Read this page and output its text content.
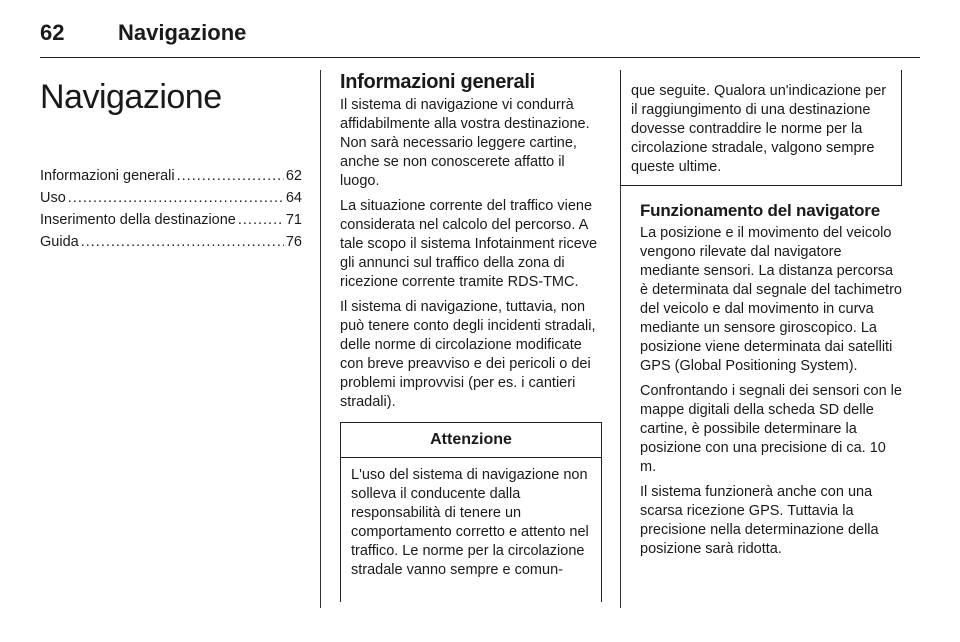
62 Navigazione
Navigazione
Informazioni generali .....	62
Uso .....	64
Inserimento della destinazione .....	71
Guida .....	76
Informazioni generali

Il sistema di navigazione vi condurrà affidabilmente alla vostra destinazione. Non sarà necessario leggere cartine, anche se non conoscerete affatto il luogo.

La situazione corrente del traffico viene considerata nel calcolo del percorso. A tale scopo il sistema Infotainment riceve gli annunci sul traffico della zona di ricezione corrente tramite RDS-TMC.

Il sistema di navigazione, tuttavia, non può tenere conto degli incidenti stradali, delle norme di circolazione modificate con breve preavviso e dei pericoli o dei problemi improvvisi (per es. i cantieri stradali).

Attenzione

L'uso del sistema di navigazione non solleva il conducente dalla responsabilità di tenere un comportamento corretto e attento nel traffico. Le norme per la circolazione stradale vanno sempre e comun-

que seguite. Qualora un'indicazione per il raggiungimento di una destinazione dovesse contraddire le norme per la circolazione stradale, valgono sempre queste ultime.

Funzionamento del navigatore

La posizione e il movimento del veicolo vengono rilevate dal navigatore mediante sensori. La distanza percorsa è determinata dal segnale del tachimetro del veicolo e dal movimento in curva mediante un sensore giroscopico. La posizione viene determinata dai satelliti GPS (Global Positioning System).

Confrontando i segnali dei sensori con le mappe digitali della scheda SD delle cartine, è possibile determinare la posizione con una precisione di ca. 10 m.

Il sistema funzionerà anche con una scarsa ricezione GPS. Tuttavia la precisione nella determinazione della posizione sarà ridotta.
